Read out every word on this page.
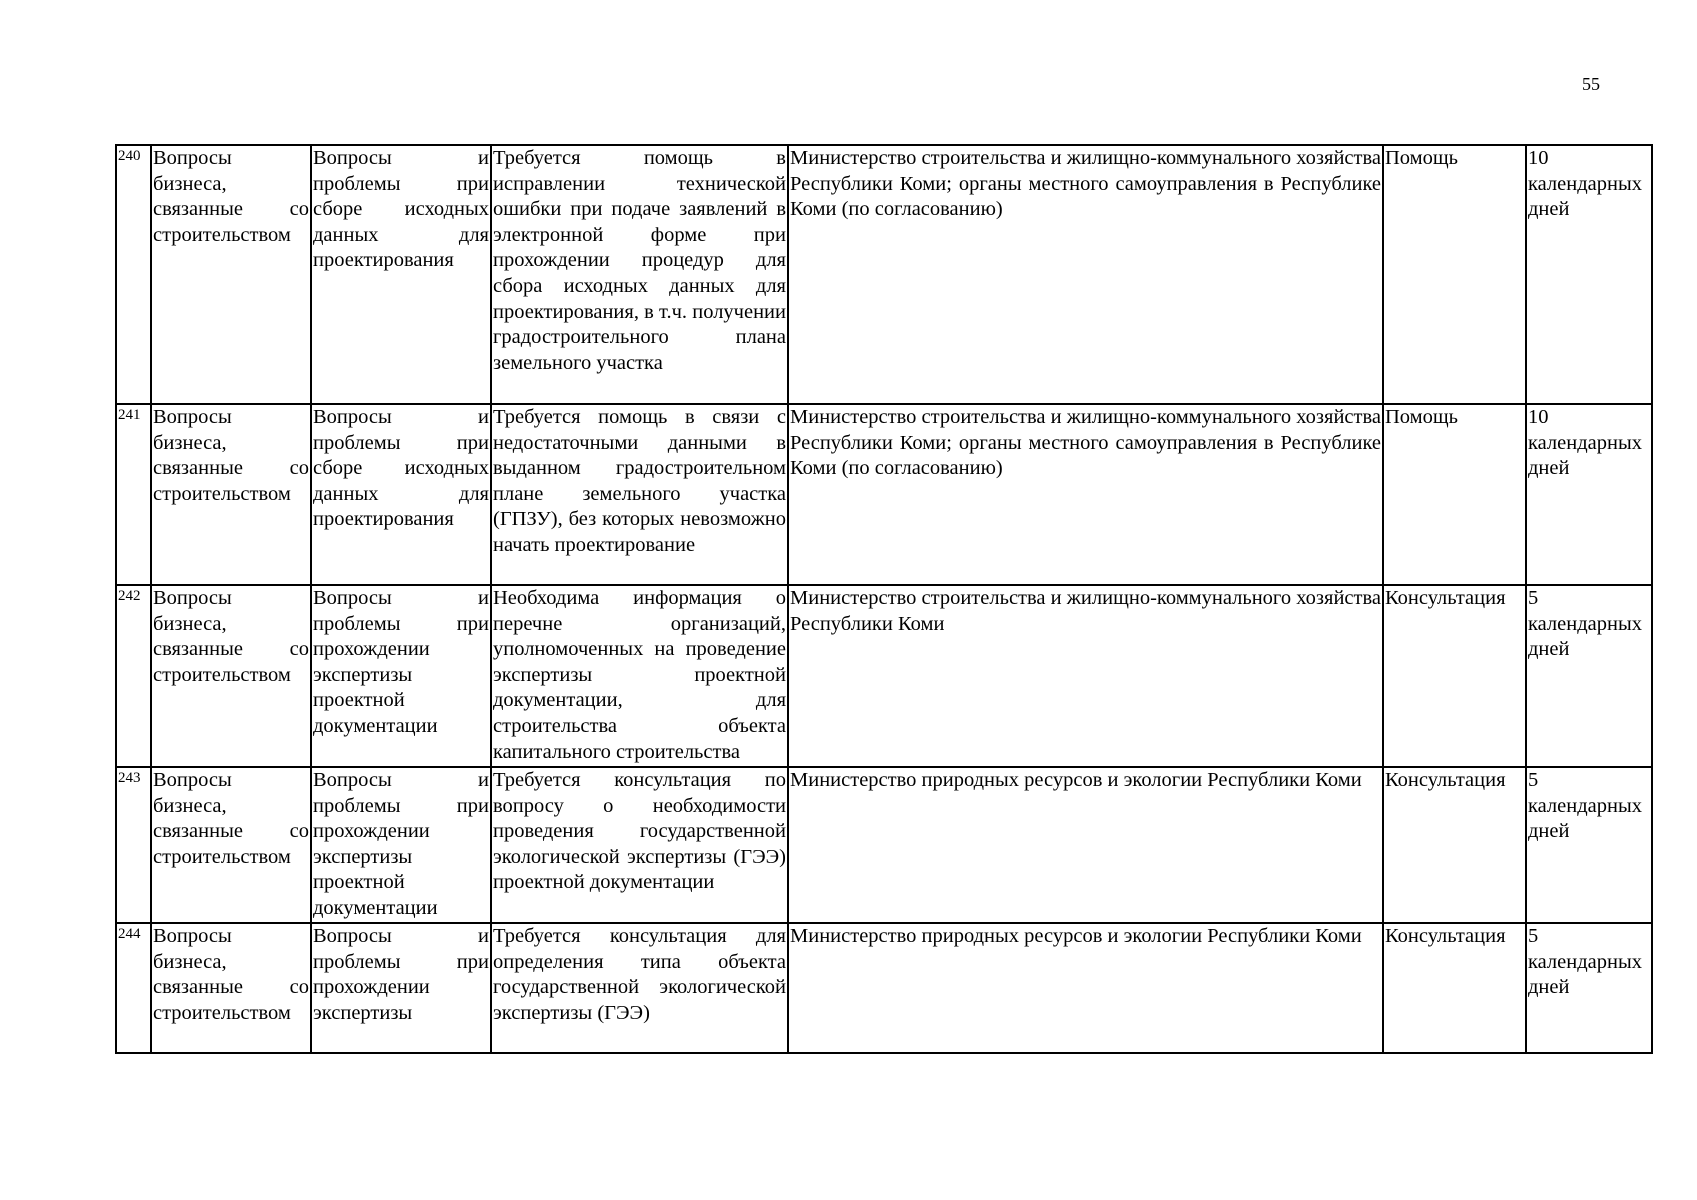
55
240	Вопросы бизнеса, связанные со строительством	Вопросы и проблемы при сборе исходных данных для проектирования	Требуется помощь в исправлении технической ошибки при подаче заявлений в электронной форме при прохождении процедур для сбора исходных данных для проектирования, в т.ч. получении градостроительного плана земельного участка	Министерство строительства и жилищно-коммунального хозяйства Республики Коми; органы местного самоуправления в Республике Коми (по согласованию)	Помощь	10 календарных дней
241	Вопросы бизнеса, связанные со строительством	Вопросы и проблемы при сборе исходных данных для проектирования	Требуется помощь в связи с недостаточными данными в выданном градостроительном плане земельного участка (ГПЗУ), без которых невозможно начать проектирование	Министерство строительства и жилищно-коммунального хозяйства Республики Коми; органы местного самоуправления в Республике Коми (по согласованию)	Помощь	10 календарных дней
242	Вопросы бизнеса, связанные со строительством	Вопросы и проблемы при прохождении экспертизы проектной документации	Необходима информация о перечне организаций, уполномоченных на проведение экспертизы проектной документации, для строительства объекта капитального строительства	Министерство строительства и жилищно-коммунального хозяйства Республики Коми	Консультация	5 календарных дней
243	Вопросы бизнеса, связанные со строительством	Вопросы и проблемы при прохождении экспертизы проектной документации	Требуется консультация по вопросу о необходимости проведения государственной экологической экспертизы (ГЭЭ) проектной документации	Министерство природных ресурсов и экологии Республики Коми	Консультация	5 календарных дней
244	Вопросы бизнеса, связанные со строительством	Вопросы и проблемы при прохождении экспертизы	Требуется консультация для определения типа объекта государственной экологической экспертизы (ГЭЭ)	Министерство природных ресурсов и экологии Республики Коми	Консультация	5 календарных дней
